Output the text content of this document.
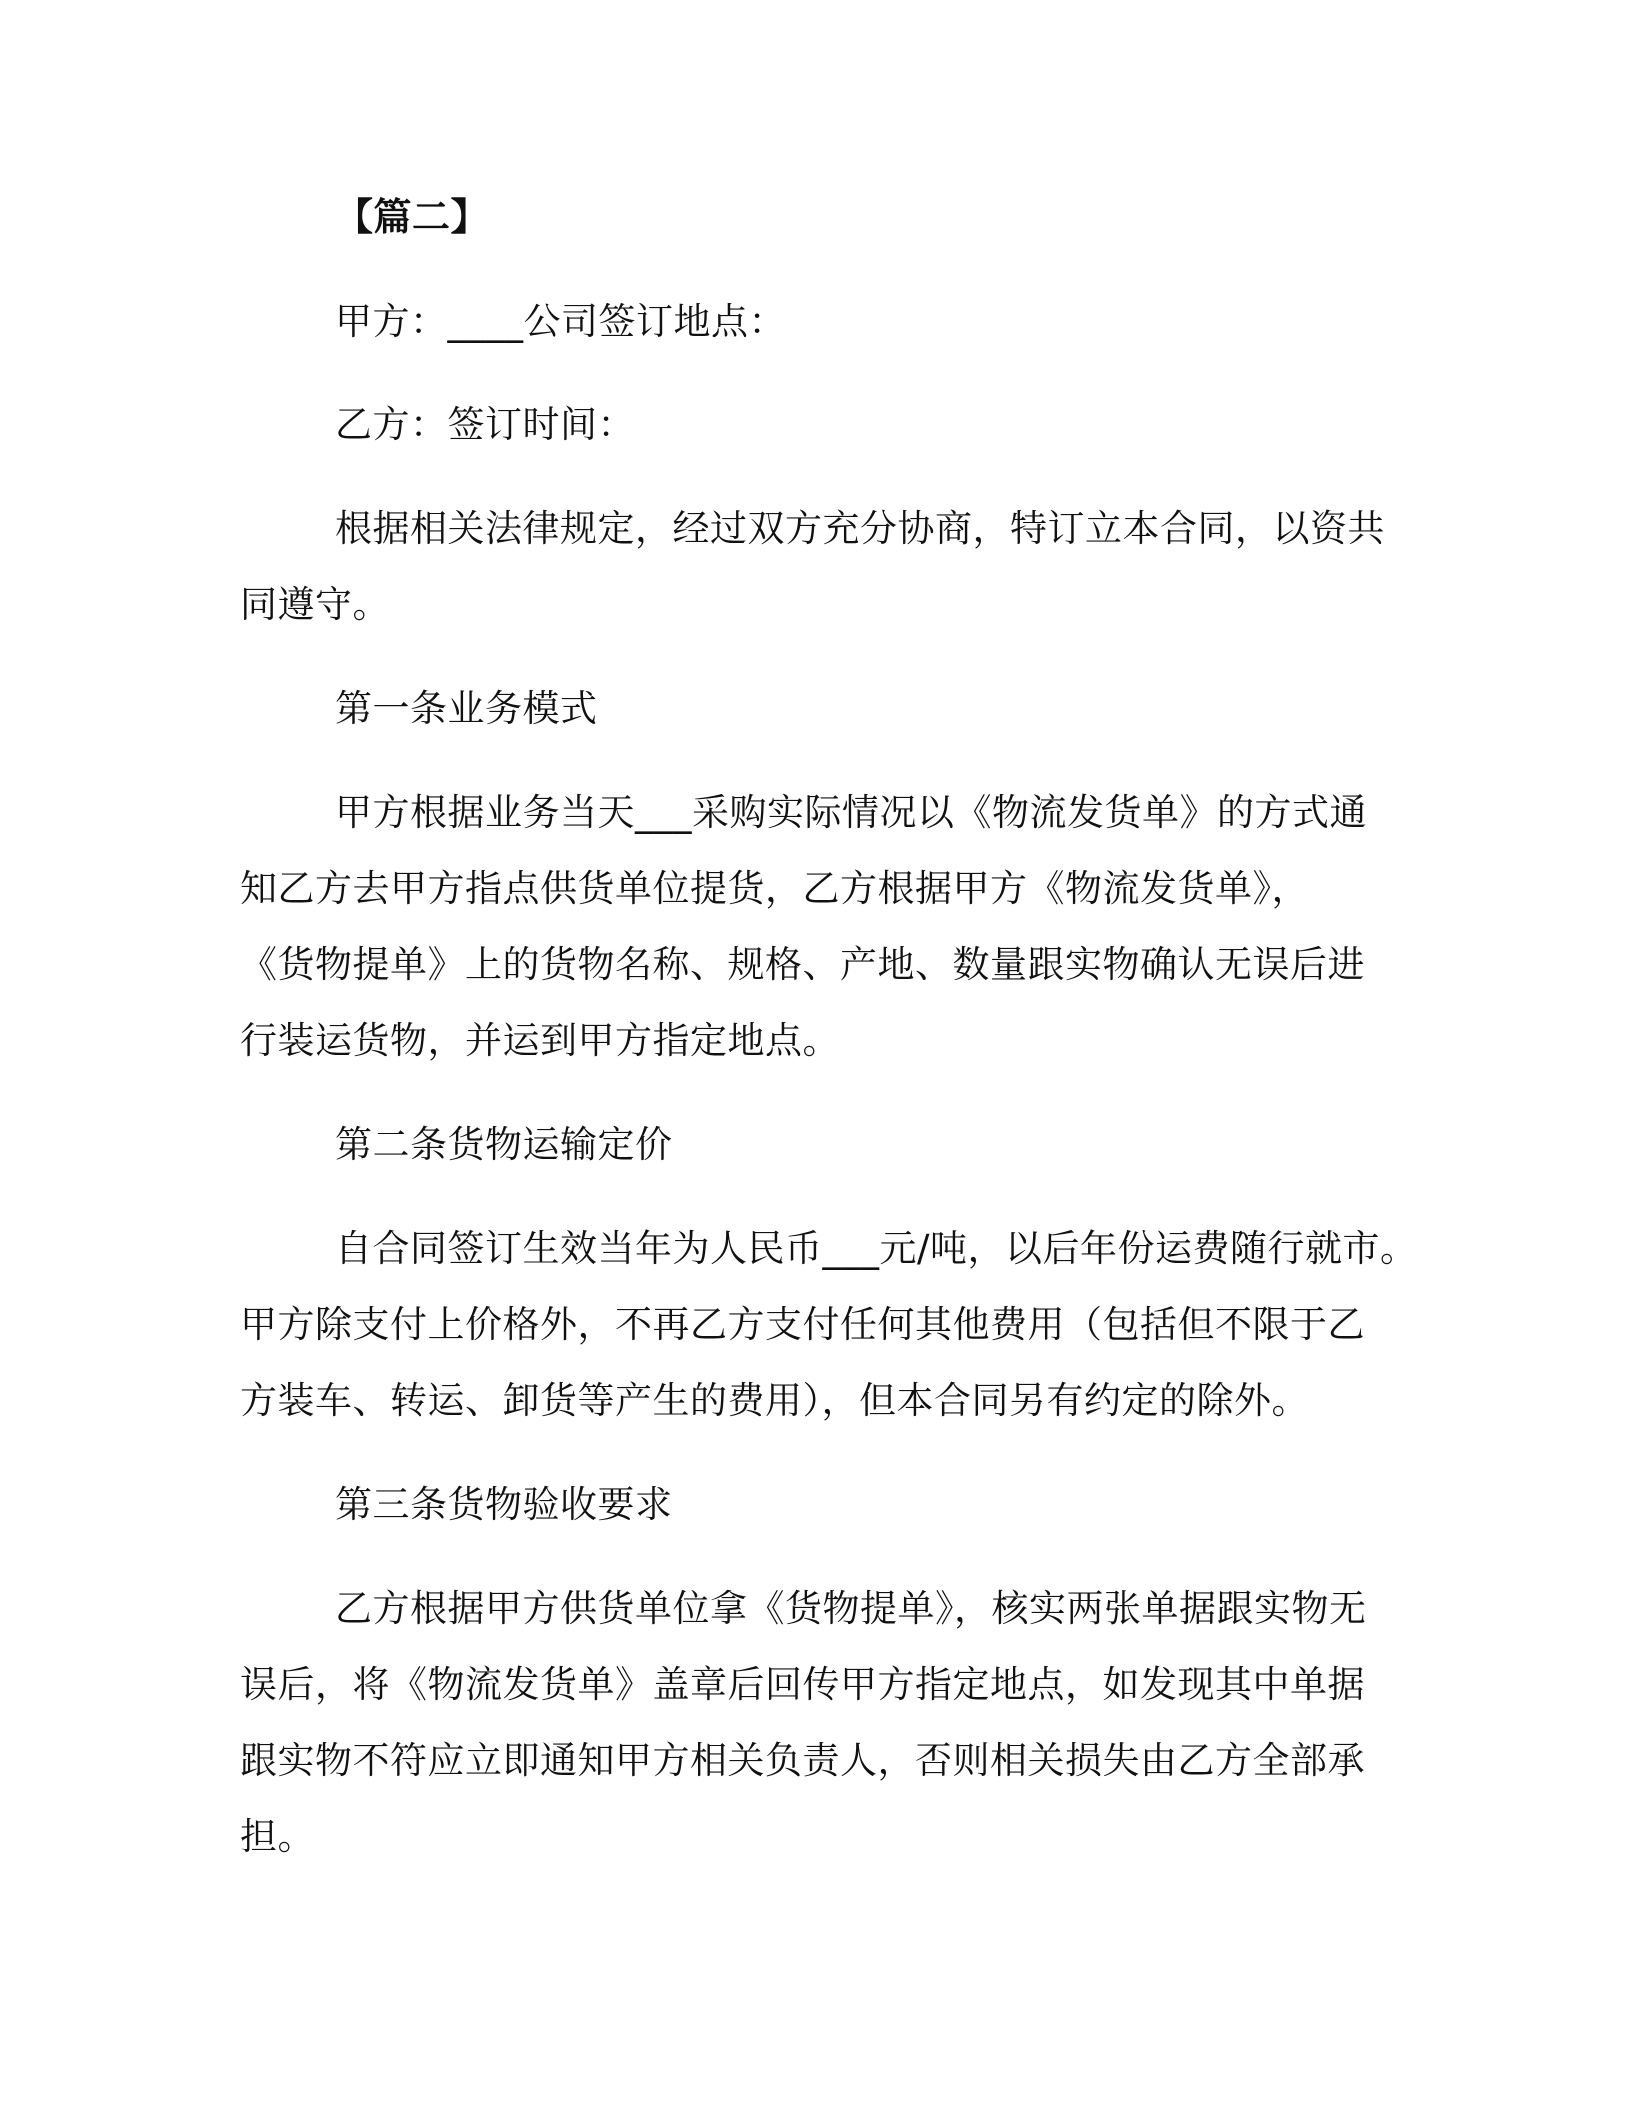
【篇二】
甲方：____公司签订地点：
乙方：签订时间：
根据相关法律规定，经过双方充分协商，特订立本合同，以资共
同遵守。
第一条业务模式
甲方根据业务当天___采购实际情况以《物流发货单》的方式通
知乙方去甲方指点供货单位提货，乙方根据甲方《物流发货单》，
《货物提单》上的货物名称、规格、产地、数量跟实物确认无误后进
行装运货物，并运到甲方指定地点。
第二条货物运输定价
自合同签订生效当年为人民币___元/吨，以后年份运费随行就市。
甲方除支付上价格外，不再乙方支付任何其他费用（包括但不限于乙
方装车、转运、卸货等产生的费用），但本合同另有约定的除外。
第三条货物验收要求
乙方根据甲方供货单位拿《货物提单》，核实两张单据跟实物无
误后，将《物流发货单》盖章后回传甲方指定地点，如发现其中单据
跟实物不符应立即通知甲方相关负责人，否则相关损失由乙方全部承
担。
